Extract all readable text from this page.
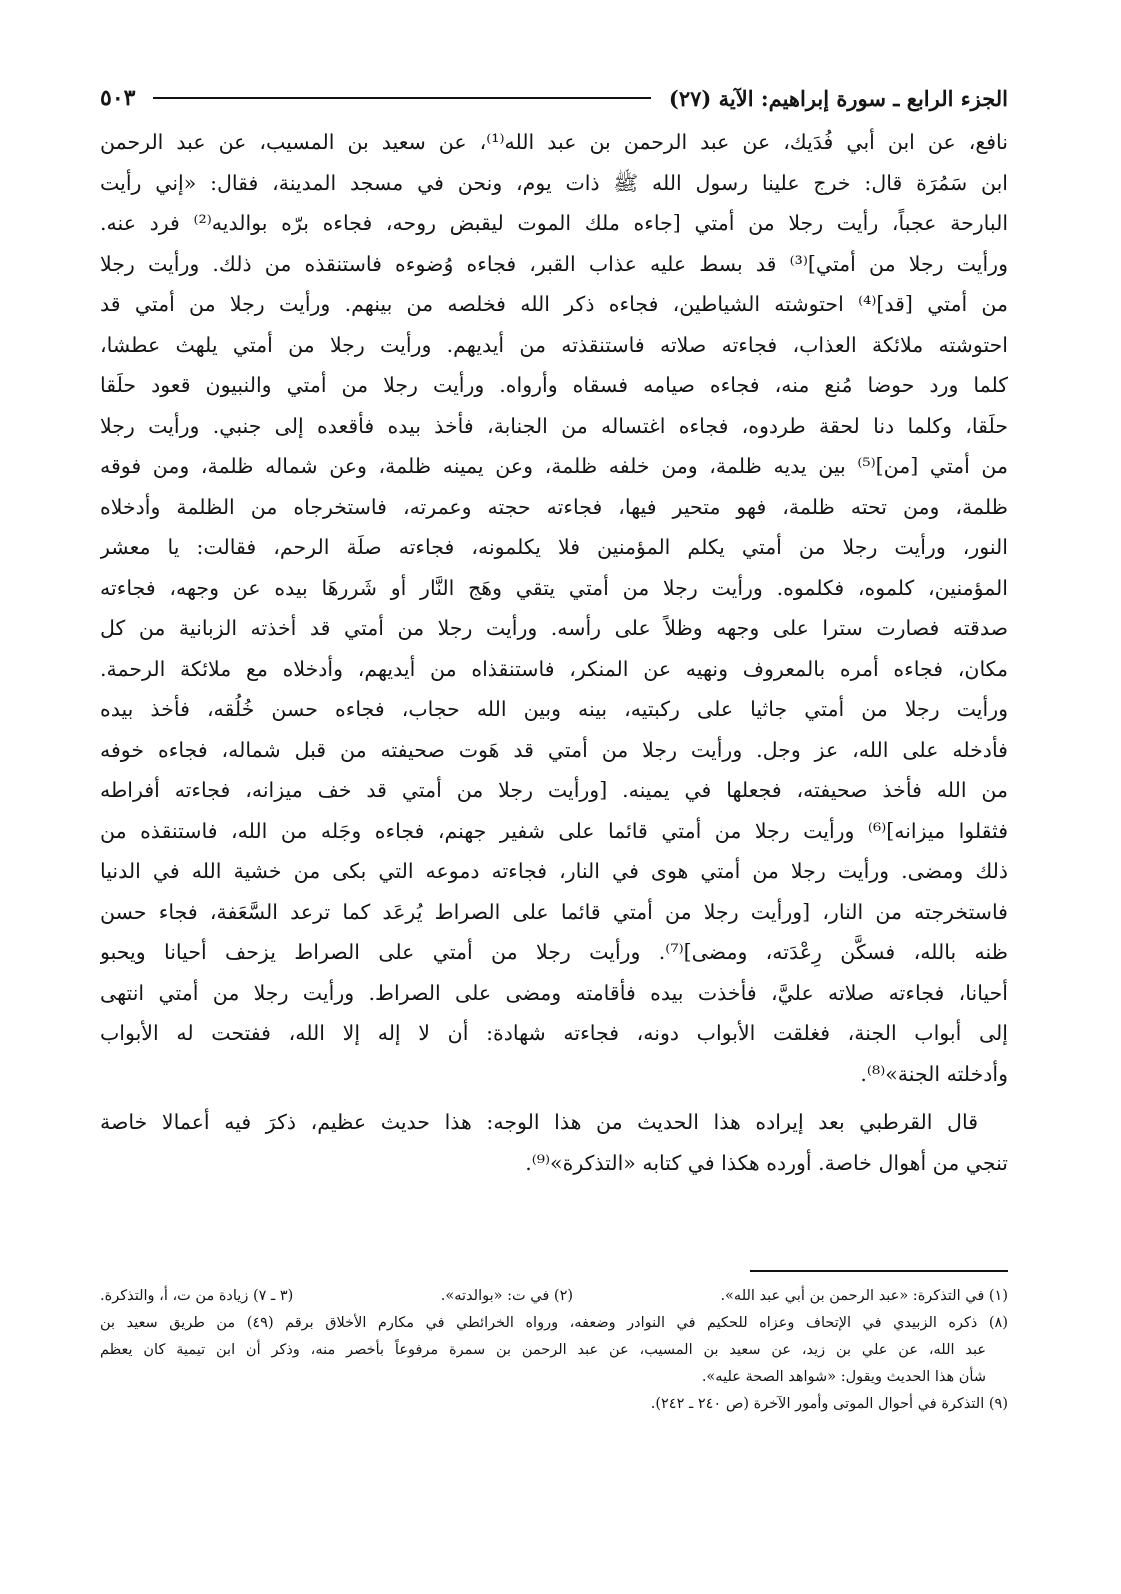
الجزء الرابع ـ سورة إبراهيم: الآية (٢٧)
٥٠٣
نافع، عن ابن أبي فُدَيك، عن عبد الرحمن بن عبد الله⁽¹⁾، عن سعيد بن المسيب، عن عبد الرحمن
ابن سَمُرَة قال: خرج علينا رسول الله ﷺ ذات يوم، ونحن في مسجد المدينة، فقال: «إني رأيت
البارحة عجباً، رأيت رجلا من أمتي [جاءه ملك الموت ليقبض روحه، فجاءه برّه بوالديه⁽²⁾ فرد عنه.
ورأيت رجلا من أمتي]⁽³⁾ قد بسط عليه عذاب القبر، فجاءه وُضوءه فاستنقذه من ذلك. ورأيت رجلا
من أمتي [قد]⁽⁴⁾ احتوشته الشياطين، فجاءه ذكر الله فخلصه من بينهم. ورأيت رجلا من أمتي قد
احتوشته ملائكة العذاب، فجاءته صلاته فاستنقذته من أيديهم. ورأيت رجلا من أمتي يلهث عطشا،
كلما ورد حوضا مُنع منه، فجاءه صيامه فسقاه وأرواه. ورأيت رجلا من أمتي والنبيون قعود حلَقا
حلَقا، وكلما دنا لحقة طردوه، فجاءه اغتساله من الجنابة، فأخذ بيده فأقعده إلى جنبي. ورأيت رجلا
من أمتي [من]⁽⁵⁾ بين يديه ظلمة، ومن خلفه ظلمة، وعن يمينه ظلمة، وعن شماله ظلمة، ومن فوقه
ظلمة، ومن تحته ظلمة، فهو متحير فيها، فجاءته حجته وعمرته، فاستخرجاه من الظلمة وأدخلاه
النور، ورأيت رجلا من أمتي يكلم المؤمنين فلا يكلمونه، فجاءته صلَة الرحم، فقالت: يا معشر
المؤمنين، كلموه، فكلموه. ورأيت رجلا من أمتي يتقي وهَج النَّار أو شَررهَا بيده عن وجهه، فجاءته
صدقته فصارت سترا على وجهه وظلاً على رأسه. ورأيت رجلا من أمتي قد أخذته الزبانية من كل
مكان، فجاءه أمره بالمعروف ونهيه عن المنكر، فاستنقذاه من أيديهم، وأدخلاه مع ملائكة الرحمة.
ورأيت رجلا من أمتي جاثيا على ركبتيه، بينه وبين الله حجاب، فجاءه حسن خُلُقه، فأخذ بيده
فأدخله على الله، عز وجل. ورأيت رجلا من أمتي قد هَوت صحيفته من قبل شماله، فجاءه خوفه
من الله فأخذ صحيفته، فجعلها في يمينه. [ورأيت رجلا من أمتي قد خف ميزانه، فجاءته أفراطه
فثقلوا ميزانه]⁽⁶⁾ ورأيت رجلا من أمتي قائما على شفير جهنم، فجاءه وجَله من الله، فاستنقذه من
ذلك ومضى. ورأيت رجلا من أمتي هوى في النار، فجاءته دموعه التي بكى من خشية الله في الدنيا
فاستخرجته من النار، [ورأيت رجلا من أمتي قائما على الصراط يُرعَد كما ترعد السَّعَفة، فجاء حسن
ظنه بالله، فسكَّن رِعْدَته، ومضى]⁽⁷⁾. ورأيت رجلا من أمتي على الصراط يزحف أحيانا ويحبو
أحيانا، فجاءته صلاته عليَّ، فأخذت بيده فأقامته ومضى على الصراط. ورأيت رجلا من أمتي انتهى
إلى أبواب الجنة، فغلقت الأبواب دونه، فجاءته شهادة: أن لا إله إلا الله، ففتحت له الأبواب
وأدخلته الجنة»⁽⁸⁾.
قال القرطبي بعد إيراده هذا الحديث من هذا الوجه: هذا حديث عظيم، ذكرَ فيه أعمالا خاصة
تنجي من أهوال خاصة. أورده هكذا في كتابه «التذكرة»⁽⁹⁾.
(١) في التذكرة: «عبد الرحمن بن أبي عبد الله».
(٢) في ت: «بوالدته».
(٣ ـ ٧) زيادة من ت، أ، والتذكرة.
(٨) ذكره الزبيدي في الإتحاف وعزاه للحكيم في النوادر وضعفه، ورواه الخرائطي في مكارم الأخلاق برقم (٤٩) من طريق سعيد بن
عبد الله، عن علي بن زيد، عن سعيد بن المسيب، عن عبد الرحمن بن سمرة مرفوعاً بأخصر منه، وذكر أن ابن تيمية كان يعظم
شأن هذا الحديث ويقول: «شواهد الصحة عليه».
(٩) التذكرة في أحوال الموتى وأمور الآخرة (ص ٢٤٠ ـ ٢٤٢).
